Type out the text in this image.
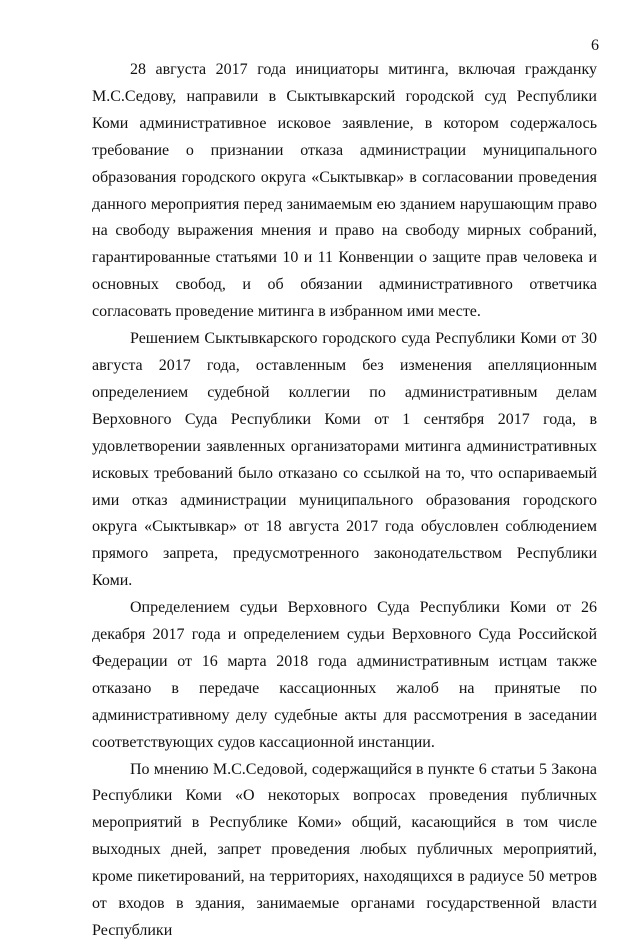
6

28 августа 2017 года инициаторы митинга, включая гражданку М.С.Седову, направили в Сыктывкарский городской суд Республики Коми административное исковое заявление, в котором содержалось требование о признании отказа администрации муниципального образования городского округа «Сыктывкар» в согласовании проведения данного мероприятия перед занимаемым ею зданием нарушающим право на свободу выражения мнения и право на свободу мирных собраний, гарантированные статьями 10 и 11 Конвенции о защите прав человека и основных свобод, и об обязании административного ответчика согласовать проведение митинга в избранном ими месте.

Решением Сыктывкарского городского суда Республики Коми от 30 августа 2017 года, оставленным без изменения апелляционным определением судебной коллегии по административным делам Верховного Суда Республики Коми от 1 сентября 2017 года, в удовлетворении заявленных организаторами митинга административных исковых требований было отказано со ссылкой на то, что оспариваемый ими отказ администрации муниципального образования городского округа «Сыктывкар» от 18 августа 2017 года обусловлен соблюдением прямого запрета, предусмотренного законодательством Республики Коми.

Определением судьи Верховного Суда Республики Коми от 26 декабря 2017 года и определением судьи Верховного Суда Российской Федерации от 16 марта 2018 года административным истцам также отказано в передаче кассационных жалоб на принятые по административному делу судебные акты для рассмотрения в заседании соответствующих судов кассационной инстанции.

По мнению М.С.Седовой, содержащийся в пункте 6 статьи 5 Закона Республики Коми «О некоторых вопросах проведения публичных мероприятий в Республике Коми» общий, касающийся в том числе выходных дней, запрет проведения любых публичных мероприятий, кроме пикетирований, на территориях, находящихся в радиусе 50 метров от входов в здания, занимаемые органами государственной власти Республики
